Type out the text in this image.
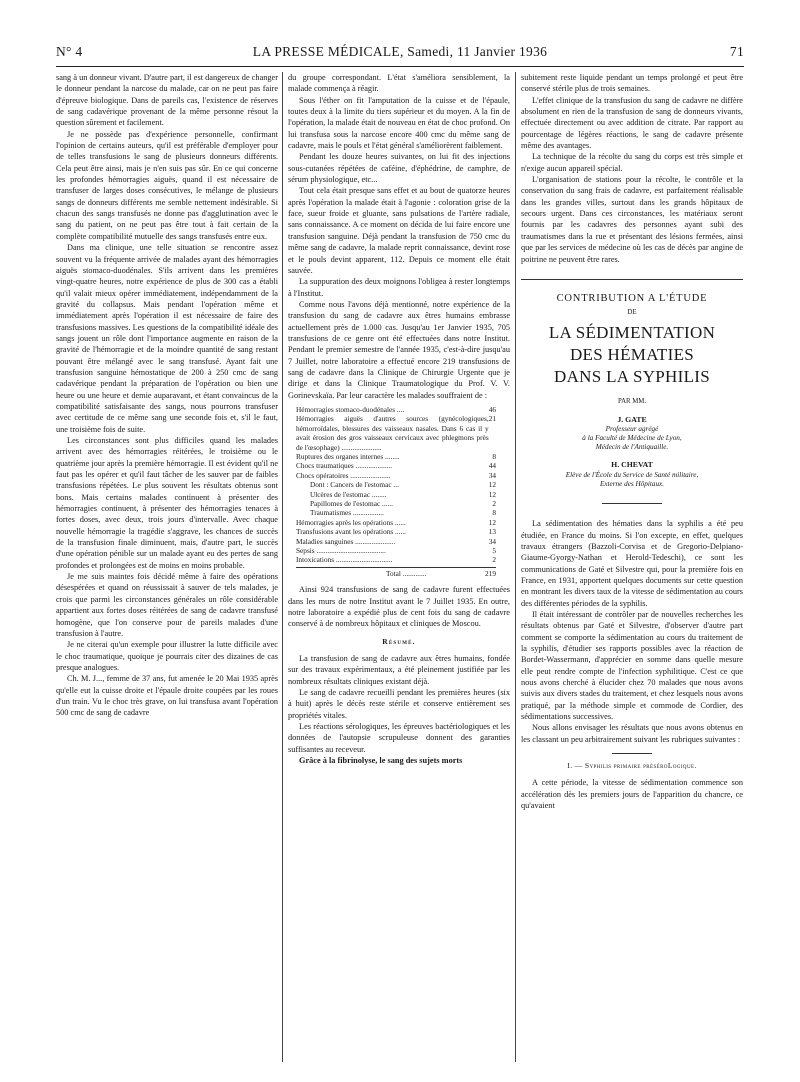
N° 4	LA PRESSE MÉDICALE, Samedi, 11 Janvier 1936	71

sang à un donneur vivant. D'autre part, il est dangereux de changer le donneur pendant la narcose du malade, car on ne peut pas faire d'épreuve biologique. Dans de pareils cas, l'existence de réserves de sang cadavérique provenant de la même personne résout la question sûrement et facilement.

Je ne possède pas d'expérience personnelle, confirmant l'opinion de certains auteurs, qu'il est préférable d'employer pour de telles transfusions le sang de plusieurs donneurs différents. Cela peut être ainsi, mais je n'en suis pas sûr. En ce qui concerne les profondes hémorragies aiguës, quand il est nécessaire de transfuser de larges doses consécutives, le mélange de plusieurs sangs de donneurs différents me semble nettement indésirable. Si chacun des sangs transfusés ne donne pas d'agglutination avec le sang du patient, on ne peut pas être tout à fait certain de la complète compatibilité mutuelle des sangs transfusés entre eux.

Dans ma clinique, une telle situation se rencontre assez souvent vu la fréquente arrivée de malades ayant des hémorragies aiguës stomaco-duodénales. S'ils arrivent dans les premières vingt-quatre heures, notre expérience de plus de 300 cas a établi qu'il valait mieux opérer immédiatement, indépendamment de la gravité du collapsus. Mais pendant l'opération même et immédiatement après l'opération il est nécessaire de faire des transfusions massives. Les questions de la compatibilité idéale des sangs jouent un rôle dont l'importance augmente en raison de la gravité de l'hémorragie et de la moindre quantité de sang restant pouvant être mélangé avec le sang transfusé. Ayant fait une transfusion sanguine hémostatique de 200 à 250 cmc de sang cadavérique pendant la préparation de l'opération ou bien une heure ou une heure et demie auparavant, et étant convaincus de la compatibilité satisfaisante des sangs, nous pourrons transfuser avec certitude de ce même sang une seconde fois et, s'il le faut, une troisième fois de suite.

Les circonstances sont plus difficiles quand les malades arrivent avec des hémorragies réitérées, le troisième ou le quatrième jour après la première hémorragie. Il est évident qu'il ne faut pas les opérer et qu'il faut tâcher de les sauver par de faibles transfusions répétées. Le plus souvent les résultats obtenus sont bons. Mais certains malades continuent à présenter des hémorragies continuent, à présenter des hémorragies tenaces à fortes doses, avec deux, trois jours d'intervalle. Avec chaque nouvelle hémorragie la tragédie s'aggrave, les chances de succès de la transfusion finale diminuent, mais, d'autre part, le succès d'une opération pénible sur un malade ayant eu des pertes de sang profondes et prolongées est de moins en moins probable.

Je me suis maintes fois décidé même à faire des opérations désespérées et quand on réussissait à sauver de tels malades, je crois que parmi les circonstances générales un rôle considérable appartient aux fortes doses réitérées de sang de cadavre transfusé homogène, que l'on conserve pour de pareils malades d'une transfusion à l'autre.

Je ne citerai qu'un exemple pour illustrer la lutte difficile avec le choc traumatique, quoique je pourrais citer des dizaines de cas presque analogues.

Ch. M. J..., femme de 37 ans, fut amenée le 20 Mai 1935 après qu'elle eut la cuisse droite et l'épaule droite coupées par les roues d'un train. Vu le choc très grave, on lui transfusa avant l'opération 500 cmc de sang de cadavre

du groupe correspondant. L'état s'améliora sensiblement, la malade commença à réagir.

Sous l'éther on fit l'amputation de la cuisse et de l'épaule, toutes deux à la limite du tiers supérieur et du moyen. A la fin de l'opération, la malade était de nouveau en état de choc profond. On lui transfusa sous la narcose encore 400 cmc du même sang de cadavre, mais le pouls et l'état général s'améliorèrent faiblement.

Pendant les douze heures suivantes, on lui fit des injections sous-cutanées répétées de caféine, d'éphédrine, de camphre, de sérum physiologique, etc...

Tout cela était presque sans effet et au bout de quatorze heures après l'opération la malade était à l'agonie : coloration grise de la face, sueur froide et gluante, sans pulsations de l'artère radiale, sans connaissance. A ce moment on décida de lui faire encore une transfusion sanguine. Déjà pendant la transfusion de 750 cmc du même sang de cadavre, la malade reprit connaissance, devint rose et le pouls devint apparent, 112. Depuis ce moment elle était sauvée.

La suppuration des deux moignons l'obligea à rester longtemps à l'Institut.

Comme nous l'avons déjà mentionné, notre expérience de la transfusion du sang de cadavre aux êtres humains embrasse actuellement près de 1.000 cas. Jusqu'au 1er Janvier 1935, 705 transfusions de ce genre ont été effectuées dans notre Institut. Pendant le premier semestre de l'année 1935, c'est-à-dire jusqu'au 7 Juillet, notre laboratoire a effectué encore 219 transfusions de sang de cadavre dans la Clinique de Chirurgie Urgente que je dirige et dans la Clinique Traumatologique du Prof. V. V. Gorinevskaïa. Par leur caractère les malades souffraient de :

Hémorragies stomaco-duodénales ....	46
Hémorragies aiguës d'autres sources (gynécologiques, hémorroïdales, blessures des vaisseaux nasales. Dans 6 cas il y avait érosion des gros vaisseaux cervicaux avec phlegmons près de l'œsophage) ......................
21
Ruptures des organes internes ........	8
Chocs traumatiques ....................	44
Chocs opératoires ......................	34
Dont : Cancers de l'estomac ...	12
Ulcères de l'estomac ........	12
Papillomes de l'estomac ......	2
Traumatismes .................	8
Hémorragies après les opérations ......	12
Transfusions avant les opérations ......	13
Maladies sanguines ......................	34
Sepsis ......................................	5
Intoxications ...............................	2
Total .............	219

Ainsi 924 transfusions de sang de cadavre furent effectuées dans les murs de notre Institut avant le 7 Juillet 1935. En outre, notre laboratoire a expédié plus de cent fois du sang de cadavre conservé à de nombreux hôpitaux et cliniques de Moscou.

Résumé.

La transfusion de sang de cadavre aux êtres humains, fondée sur des travaux expérimentaux, a été pleinement justifiée par les nombreux résultats cliniques existant déjà.

Le sang de cadavre recueilli pendant les premières heures (six à huit) après le décès reste stérile et conserve entièrement ses propriétés vitales.

Les réactions sérologiques, les épreuves bactériologiques et les données de l'autopsie scrupuleuse donnent des garanties suffisantes au receveur.

Grâce à la fibrinolyse, le sang des sujets morts

subitement reste liquide pendant un temps prolongé et peut être conservé stérile plus de trois semaines.

L'effet clinique de la transfusion du sang de cadavre ne diffère absolument en rien de la transfusion de sang de donneurs vivants, effectuée directement ou avec addition de citrate. Par rapport au pourcentage de légères réactions, le sang de cadavre présente même des avantages.

La technique de la récolte du sang du corps est très simple et n'exige aucun appareil spécial.

L'organisation de stations pour la récolte, le contrôle et la conservation du sang frais de cadavre, est parfaitement réalisable dans les grandes villes, surtout dans les grands hôpitaux de secours urgent. Dans ces circonstances, les matériaux seront fournis par les cadavres des personnes ayant subi des traumatismes dans la rue et présentant des lésions fermées, ainsi que par les services de médecine où les cas de décès par angine de poitrine ne peuvent être rares.

CONTRIBUTION A L'ÉTUDE
DE
LA SÉDIMENTATION
DES HÉMATIES
DANS LA SYPHILIS
PAR MM.
J. GATE
Professeur agrégé
à la Faculté de Médecine de Lyon,
Médecin de l'Antiquaille.
H. CHEVAT
Elève de l'École du Service de Santé militaire,
Externe des Hôpitaux.

La sédimentation des hématies dans la syphilis a été peu étudiée, en France du moins. Si l'on excepte, en effet, quelques travaux étrangers (Bazzoli-Corvisa et de Gregorio-Delpiano-Giaume-Gyorgy-Nathan et Herold-Tedeschi), ce sont les communications de Gaté et Silvestre qui, pour la première fois en France, en 1931, apportent quelques documents sur cette question en montrant les divers taux de la vitesse de sédimentation au cours des différentes périodes de la syphilis.

Il était intéressant de contrôler par de nouvelles recherches les résultats obtenus par Gaté et Silvestre, d'observer d'autre part comment se comporte la sédimentation au cours du traitement de la syphilis, d'étudier ses rapports possibles avec la réaction de Bordet-Wassermann, d'apprécier en somme dans quelle mesure elle peut rendre compte de l'infection syphilitique. C'est ce que nous avons cherché à élucider chez 70 malades que nous avons suivis aux divers stades du traitement, et chez lesquels nous avons pratiqué, par la méthode simple et commode de Cordier, des sédimentations successives.

Nous allons envisager les résultats que nous avons obtenus en les classant un peu arbitrairement suivant les rubriques suivantes :

I. — Syphilis primaire préséroLogique.

A cette période, la vitesse de sédimentation commence son accélération dès les premiers jours de l'apparition du chancre, ce qu'avaient
